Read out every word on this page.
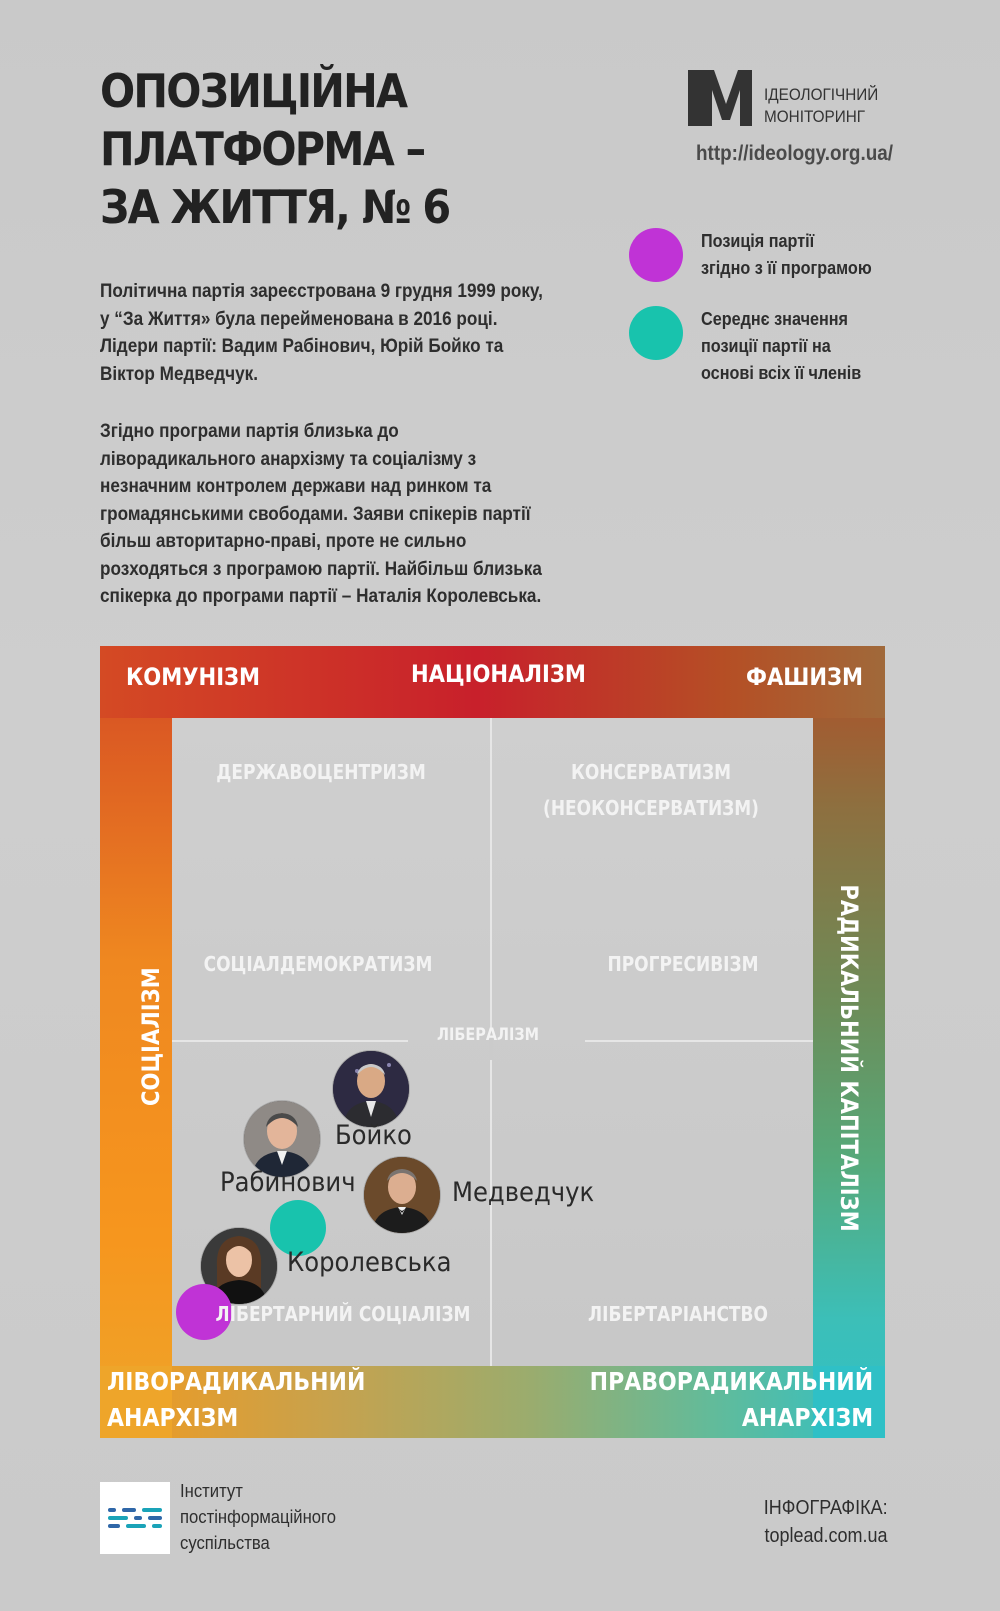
ОПОЗИЦІЙНА
ПЛАТФОРМА –
ЗА ЖИТТЯ, № 6
ІДЕОЛОГІЧНИЙ
МОНІТОРИНГ
http://ideology.org.ua/
Позиція партії
згідно з її програмою
Середнє значення
позиції партії на
основі всіх її членів
Політична партія зареєстрована 9 грудня 1999 року,
у “За Життя» була перейменована в 2016 році.
Лідери партії: Вадим Рабінович, Юрій Бойко та
Віктор Медведчук.
Згідно програми партія близька до
ліворадикального анархізму та соціалізму з
незначним контролем держави над ринком та
громадянськими свободами. Заяви спікерів партії
більш авторитарно-праві, проте не сильно
розходяться з програмою партії. Найбільш близька
спікерка до програми партії – Наталія Королевська.
КОМУНІЗМ	НАЦІОНАЛІЗМ	ФАШИЗМ
СОЦІАЛІЗМ	РАДИКАЛЬНИЙ КАПІТАЛІЗМ
ЛІВОРАДИКАЛЬНИЙ
АНАРХІЗМ
ПРАВОРАДИКАЛЬНИЙ
АНАРХІЗМ
ДЕРЖАВОЦЕНТРИЗМ	КОНСЕРВАТИЗМ
(НЕОКОНСЕРВАТИЗМ)
СОЦІАЛДЕМОКРАТИЗМ	ПРОГРЕСИВІЗМ
ЛІБЕРАЛІЗМ
ЛІБЕРТАРІАНСТВО
Бойко
Рабинович	Медведчук
Королевська
ЛІБЕРТАРНИЙ СОЦІАЛІЗМ
Інститут
постінформаційного
суспільства
ІНФОГРАФІКА:
toplead.com.ua
